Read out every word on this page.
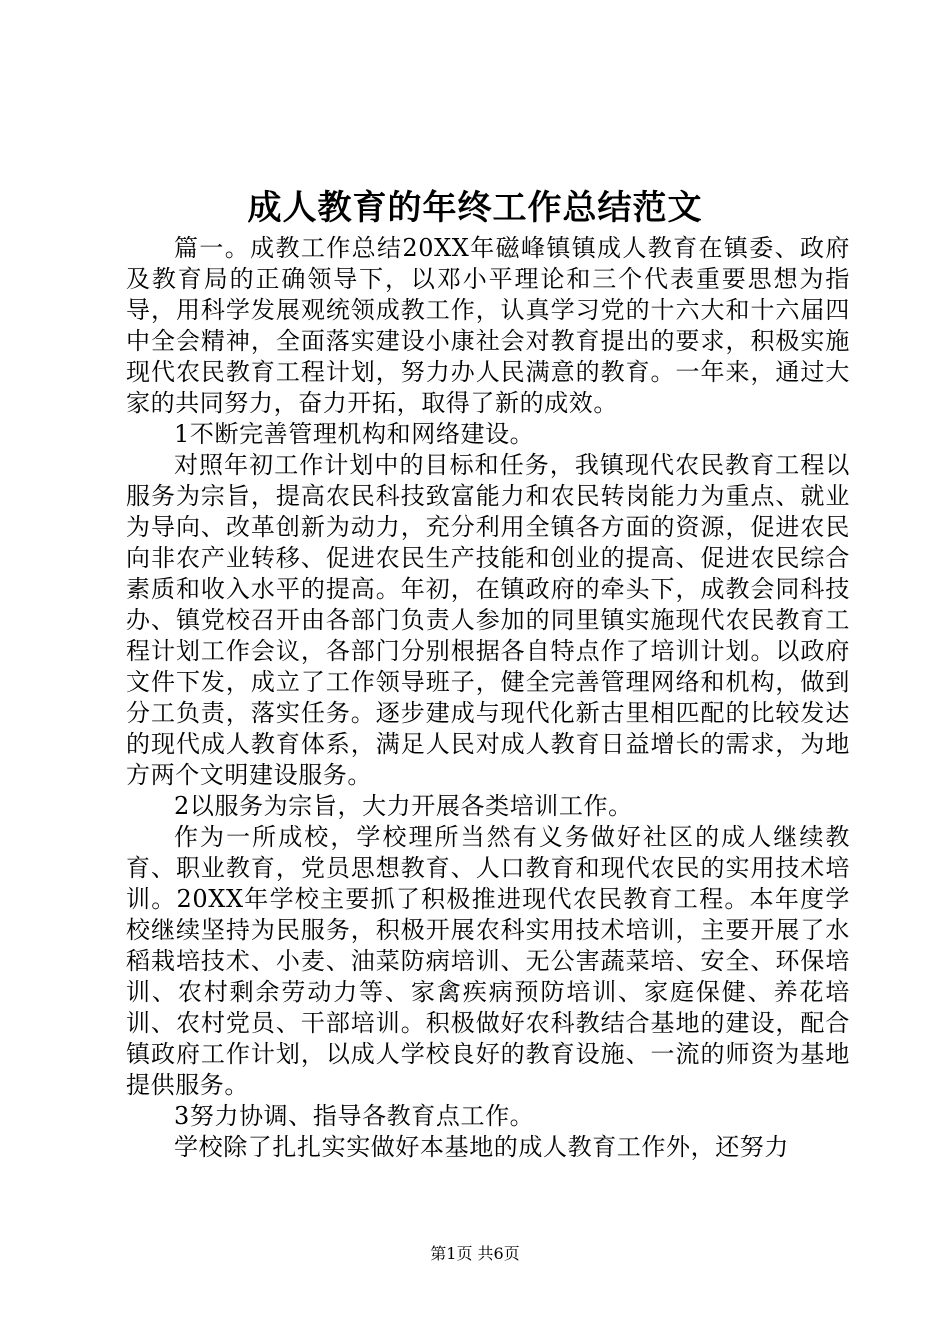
成人教育的年终工作总结范文

篇一。成教工作总结20XX年磁峰镇镇成人教育在镇委、政府及教育局的正确领导下，以邓小平理论和三个代表重要思想为指导，用科学发展观统领成教工作，认真学习党的十六大和十六届四中全会精神，全面落实建设小康社会对教育提出的要求，积极实施现代农民教育工程计划，努力办人民满意的教育。一年来，通过大家的共同努力，奋力开拓，取得了新的成效。

1不断完善管理机构和网络建设。

对照年初工作计划中的目标和任务，我镇现代农民教育工程以服务为宗旨，提高农民科技致富能力和农民转岗能力为重点、就业为导向、改革创新为动力，充分利用全镇各方面的资源，促进农民向非农产业转移、促进农民生产技能和创业的提高、促进农民综合素质和收入水平的提高。年初，在镇政府的牵头下，成教会同科技办、镇党校召开由各部门负责人参加的同里镇实施现代农民教育工程计划工作会议，各部门分别根据各自特点作了培训计划。以政府文件下发，成立了工作领导班子，健全完善管理网络和机构，做到分工负责，落实任务。逐步建成与现代化新古里相匹配的比较发达的现代成人教育体系，满足人民对成人教育日益增长的需求，为地方两个文明建设服务。

2以服务为宗旨，大力开展各类培训工作。

作为一所成校，学校理所当然有义务做好社区的成人继续教育、职业教育，党员思想教育、人口教育和现代农民的实用技术培训。20XX年学校主要抓了积极推进现代农民教育工程。本年度学校继续坚持为民服务，积极开展农科实用技术培训，主要开展了水稻栽培技术、小麦、油菜防病培训、无公害蔬菜培、安全、环保培训、农村剩余劳动力等、家禽疾病预防培训、家庭保健、养花培训、农村党员、干部培训。积极做好农科教结合基地的建设，配合镇政府工作计划，以成人学校良好的教育设施、一流的师资为基地提供服务。

3努力协调、指导各教育点工作。

学校除了扎扎实实做好本基地的成人教育工作外，还努力

第1页 共6页
